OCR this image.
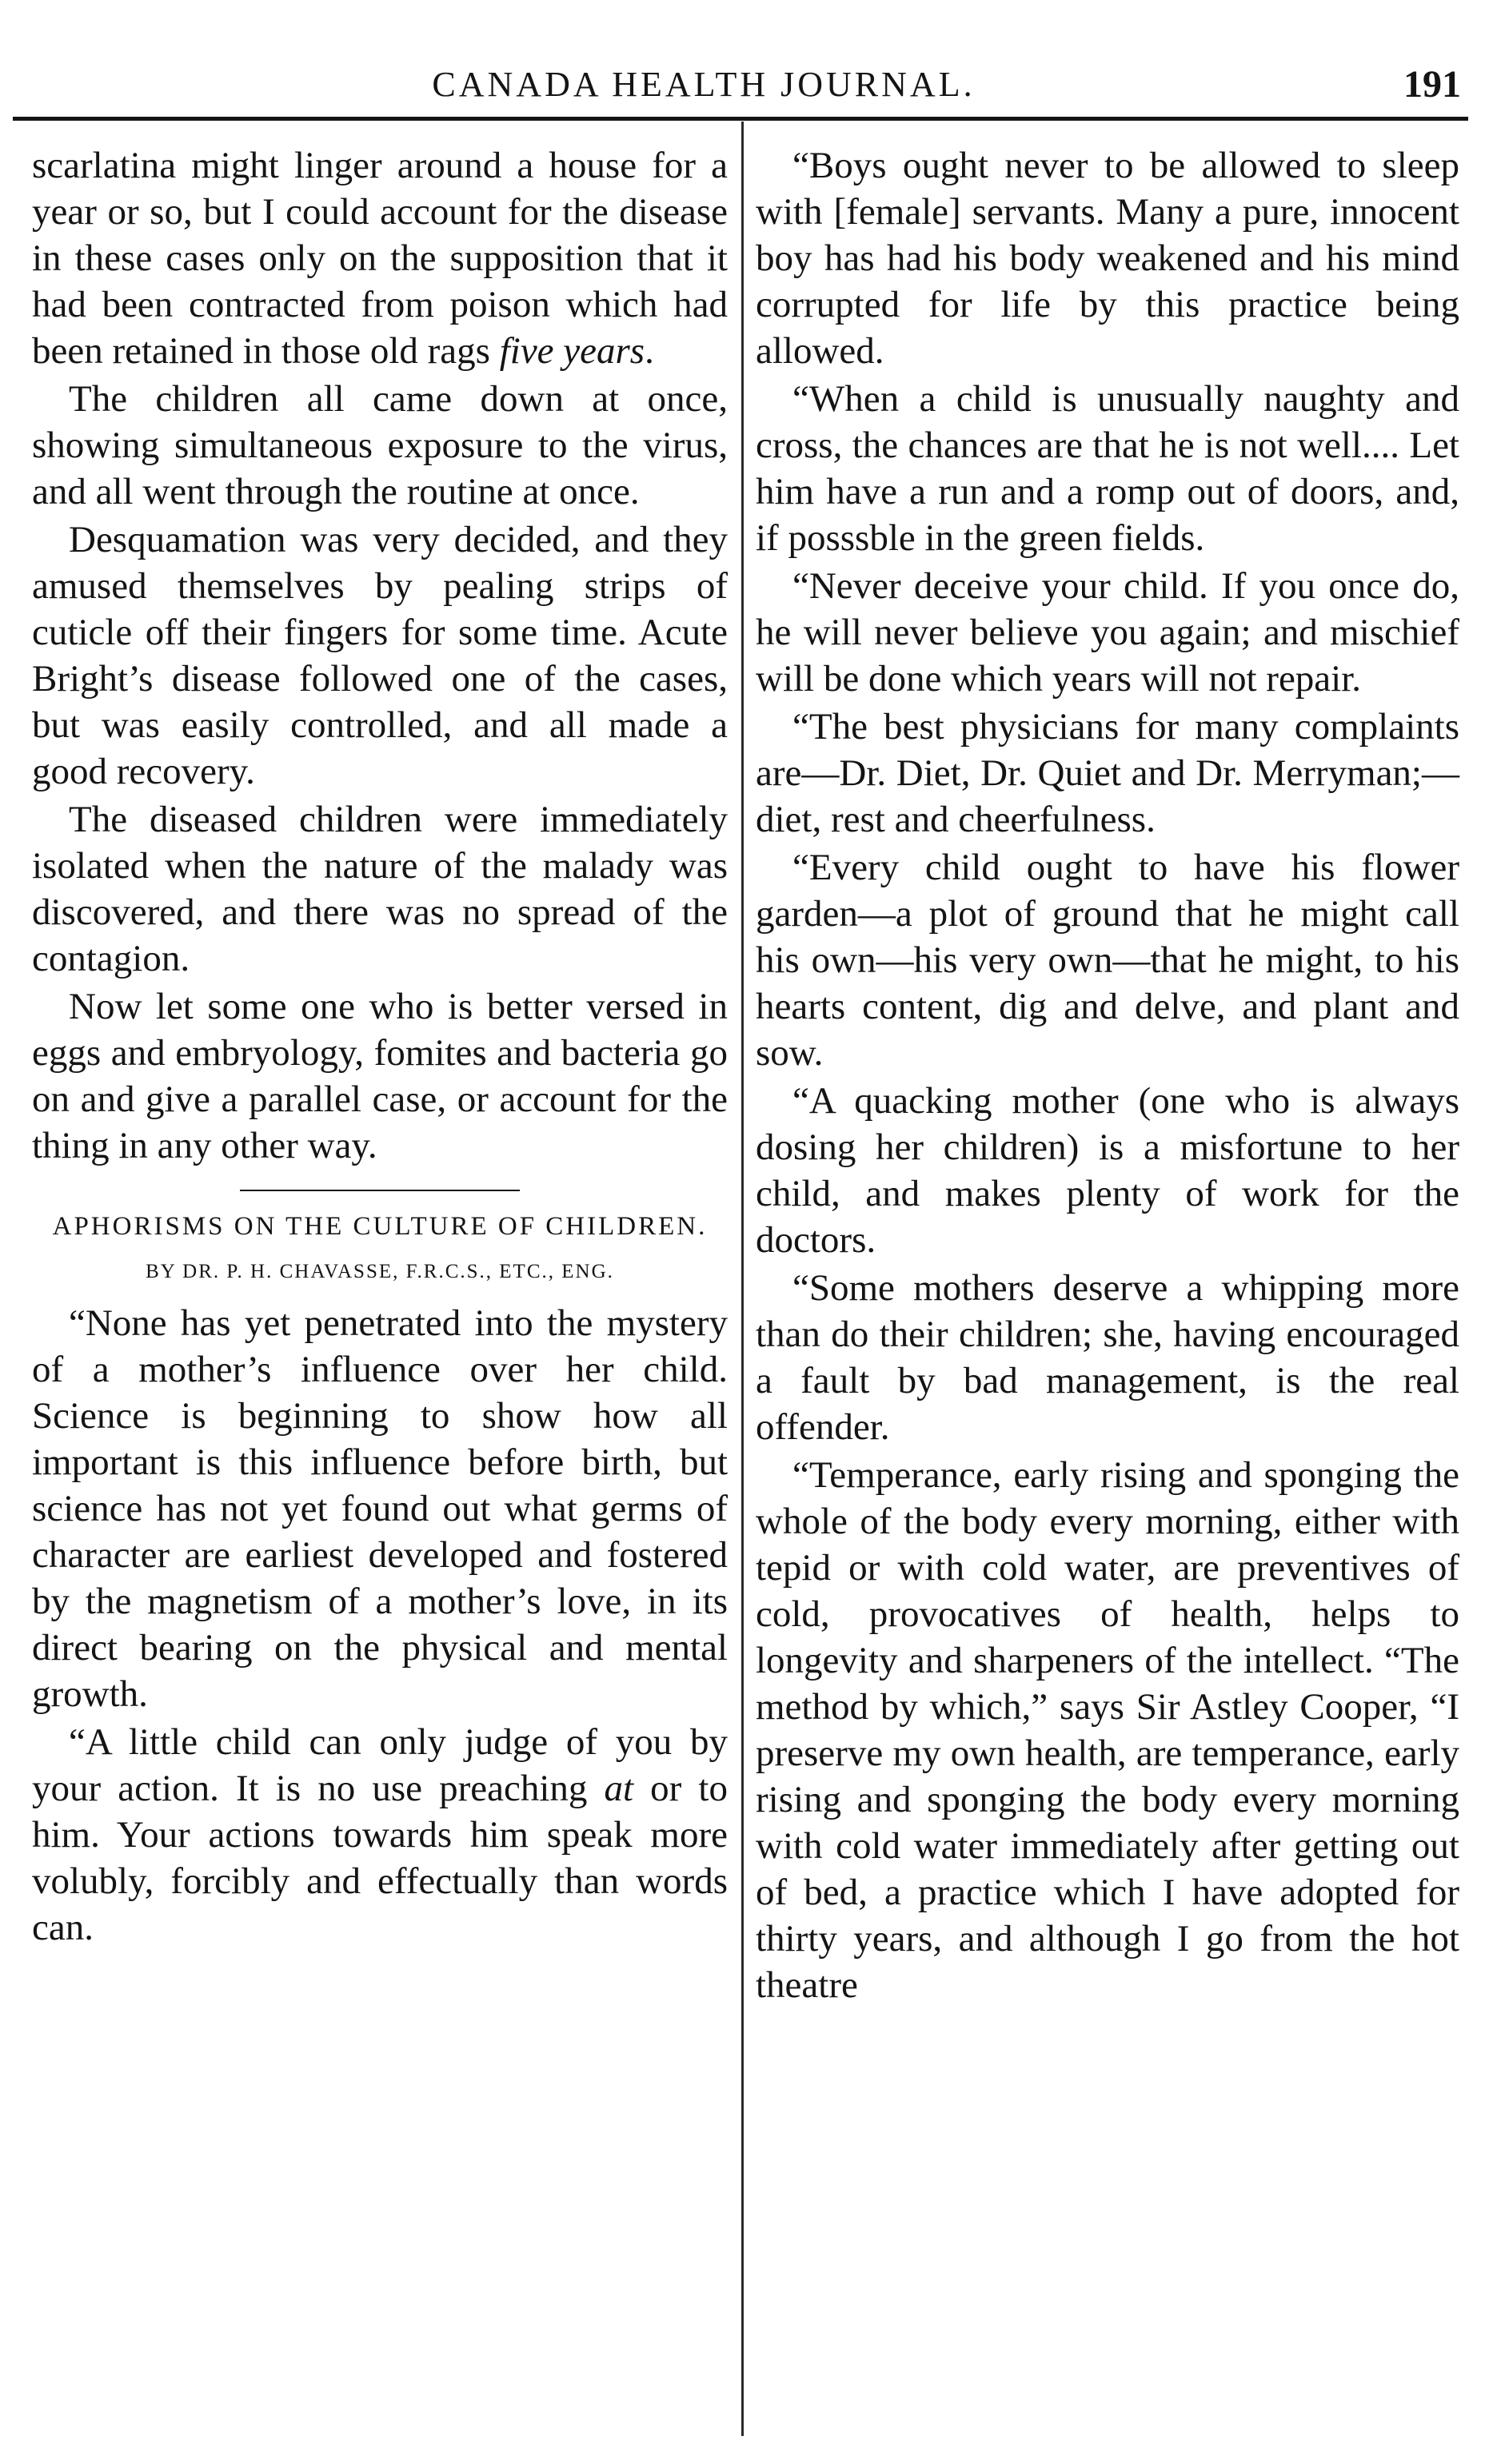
CANADA HEALTH JOURNAL.	191

scarlatina might linger around a house for a year or so, but I could account for the disease in these cases only on the supposition that it had been contracted from poison which had been retained in those old rags five years.

The children all came down at once, showing simultaneous exposure to the virus, and all went through the routine at once.

Desquamation was very decided, and they amused themselves by pealing strips of cuticle off their fingers for some time. Acute Bright’s disease followed one of the cases, but was easily controlled, and all made a good recovery.

The diseased children were immediately isolated when the nature of the malady was discovered, and there was no spread of the contagion.

Now let some one who is better versed in eggs and embryology, fomites and bacteria go on and give a parallel case, or account for the thing in any other way.

APHORISMS ON THE CULTURE OF CHILDREN.
BY DR. P. H. CHAVASSE, F.R.C.S., ETC., ENG.

“None has yet penetrated into the mystery of a mother’s influence over her child. Science is beginning to show how all important is this influence before birth, but science has not yet found out what germs of character are earliest developed and fostered by the magnetism of a mother’s love, in its direct bearing on the physical and mental growth.

“A little child can only judge of you by your action. It is no use preaching at or to him. Your actions towards him speak more volubly, forcibly and effectually than words can.

“Boys ought never to be allowed to sleep with [female] servants. Many a pure, innocent boy has had his body weakened and his mind corrupted for life by this practice being allowed.

“When a child is unusually naughty and cross, the chances are that he is not well.... Let him have a run and a romp out of doors, and, if posssble in the green fields.

“Never deceive your child. If you once do, he will never believe you again; and mischief will be done which years will not repair.

“The best physicians for many complaints are—Dr. Diet, Dr. Quiet and Dr. Merryman;—diet, rest and cheerfulness.

“Every child ought to have his flower garden—a plot of ground that he might call his own—his very own—that he might, to his hearts content, dig and delve, and plant and sow.

“A quacking mother (one who is always dosing her children) is a misfortune to her child, and makes plenty of work for the doctors.

“Some mothers deserve a whipping more than do their children; she, having encouraged a fault by bad management, is the real offender.

“Temperance, early rising and sponging the whole of the body every morning, either with tepid or with cold water, are preventives of cold, provocatives of health, helps to longevity and sharpeners of the intellect. “The method by which,” says Sir Astley Cooper, “I preserve my own health, are temperance, early rising and sponging the body every morning with cold water immediately after getting out of bed, a practice which I have adopted for thirty years, and although I go from the hot theatre
